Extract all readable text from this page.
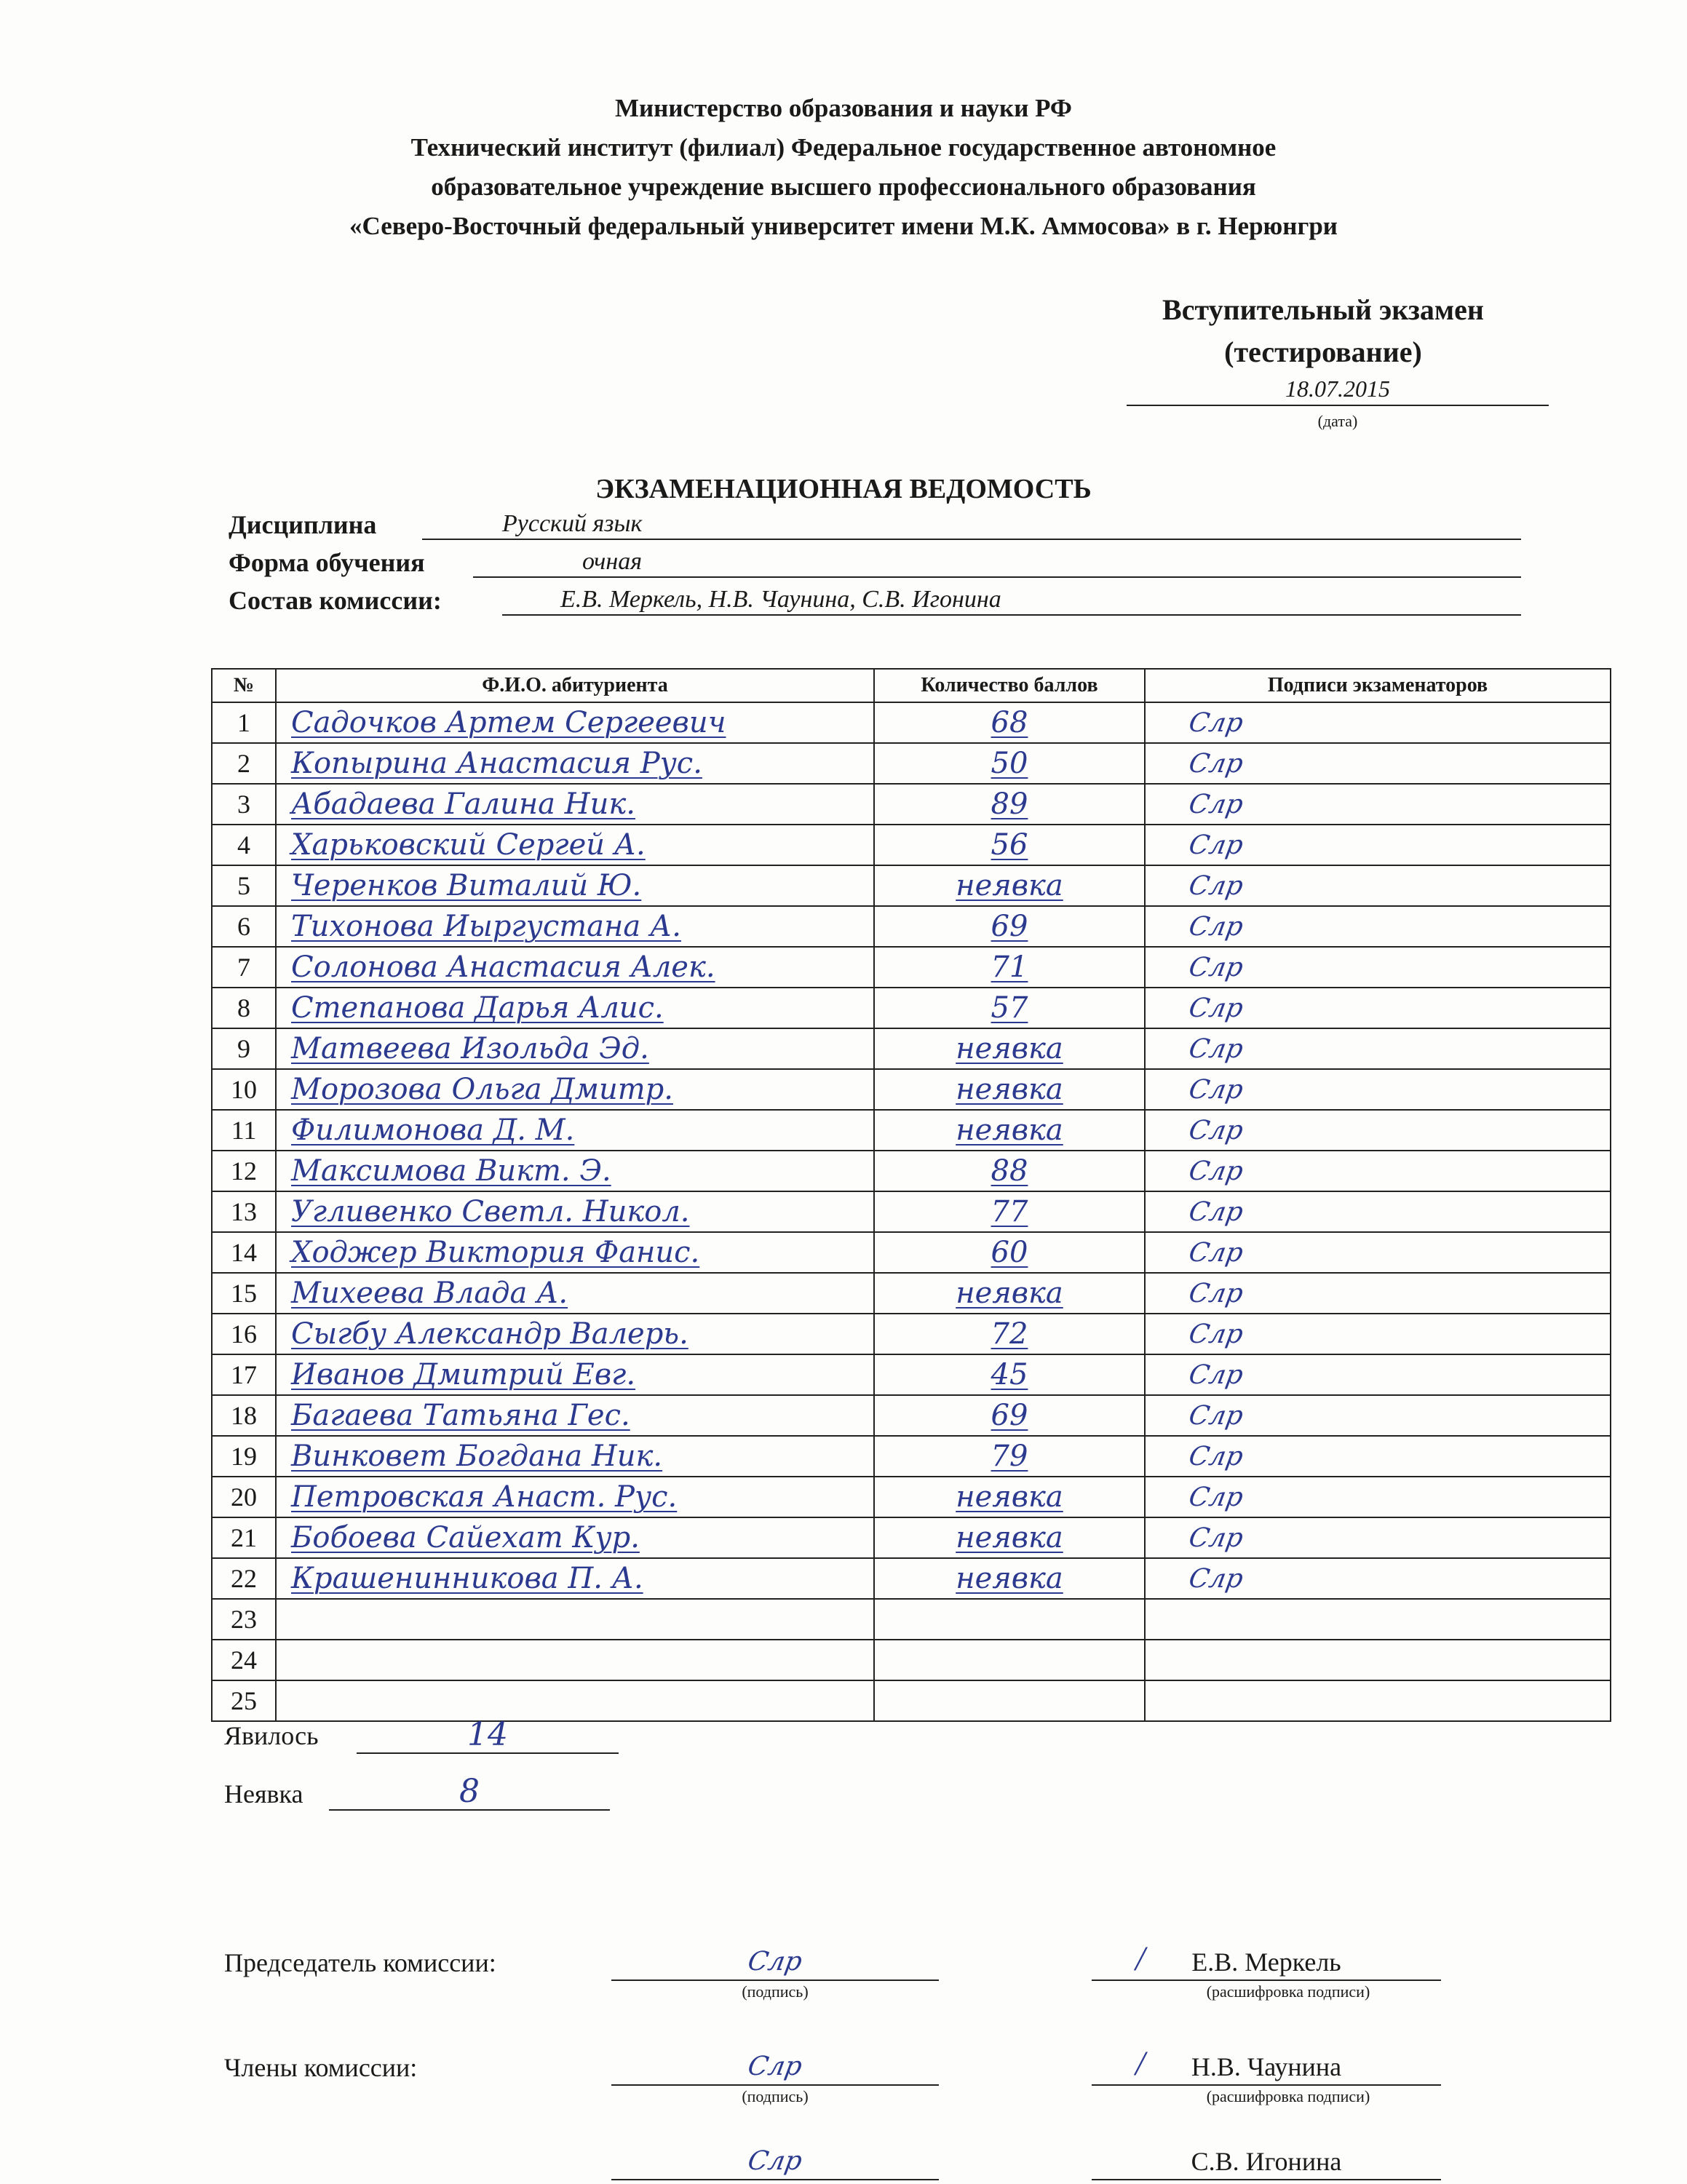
Министерство образования и науки РФ
Технический институт (филиал) Федеральное государственное автономное
образовательное учреждение высшего профессионального образования
«Северо-Восточный федеральный университет имени М.К. Аммосова» в г. Нерюнгри
Вступительный экзамен
(тестирование)
18.07.2015
(дата)
ЭКЗАМЕНАЦИОННАЯ ВЕДОМОСТЬ
Дисциплина	Русский язык
Форма обучения	очная
Состав комиссии:	Е.В. Меркель, Н.В. Чаунина, С.В. Игонина
№	Ф.И.О. абитуриента	Количество баллов	Подписи экзаменаторов
1	Садочков Артем Сергеевич	68	Слр
2	Копырина Анастасия Рус.	50	Слр
3	Абадаева Галина Ник.	89	Слр
4	Харьковский Сергей А.	56	Слр
5	Черенков Виталий Ю.	неявка	Слр
6	Тихонова Иыргустана А.	69	Слр
7	Солонова Анастасия Алек.	71	Слр
8	Степанова Дарья Алис.	57	Слр
9	Матвеева Изольда Эд.	неявка	Слр
10	Морозова Ольга Дмитр.	неявка	Слр
11	Филимонова Д. М.	неявка	Слр
12	Максимова Викт. Э.	88	Слр
13	Угливенко Светл. Никол.	77	Слр
14	Ходжер Виктория Фанис.	60	Слр
15	Михеева Влада А.	неявка	Слр
16	Сыгбу Александр Валерь.	72	Слр
17	Иванов Дмитрий Евг.	45	Слр
18	Багаева Татьяна Гес.	69	Слр
19	Винковет Богдана Ник.	79	Слр
20	Петровская Анаст. Рус.	неявка	Слр
21	Бобоева Сайехат Кур.	неявка	Слр
22	Крашенинникова П. А.	неявка	Слр
23			
24			
25			
Явилось	14
Неявка	8
Председатель комиссии:	Слр
(подпись)
/	Е.В. Меркель
(расшифровка подписи)
Члены комиссии:	Слр
(подпись)
/	Н.В. Чаунина
(расшифровка подписи)
Слр	С.В. Игонина
